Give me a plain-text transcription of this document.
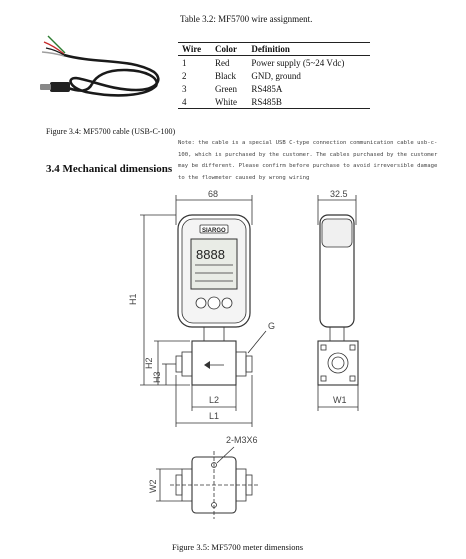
Table 3.2: MF5700 wire assignment.
Wire	Color	Definition
1	Red	Power supply (5~24 Vdc)
2	Black	GND, ground
3	Green	RS485A
4	White	RS485B
Figure 3.4: MF5700 cable (USB-C-100)
Note: the cable is a special USB C-type connection communication cable usb-c-100, which is purchased by the customer. The cables purchased by the customer may be different. Please confirm before purchase to avoid irreversible damage to the flowmeter caused by wrong wiring
3.4 Mechanical dimensions
68
SIARGO
8888
G
H1
H2
H3
L2
L1
32.5
W1
2-M3X6
W2
Figure 3.5: MF5700 meter dimensions
